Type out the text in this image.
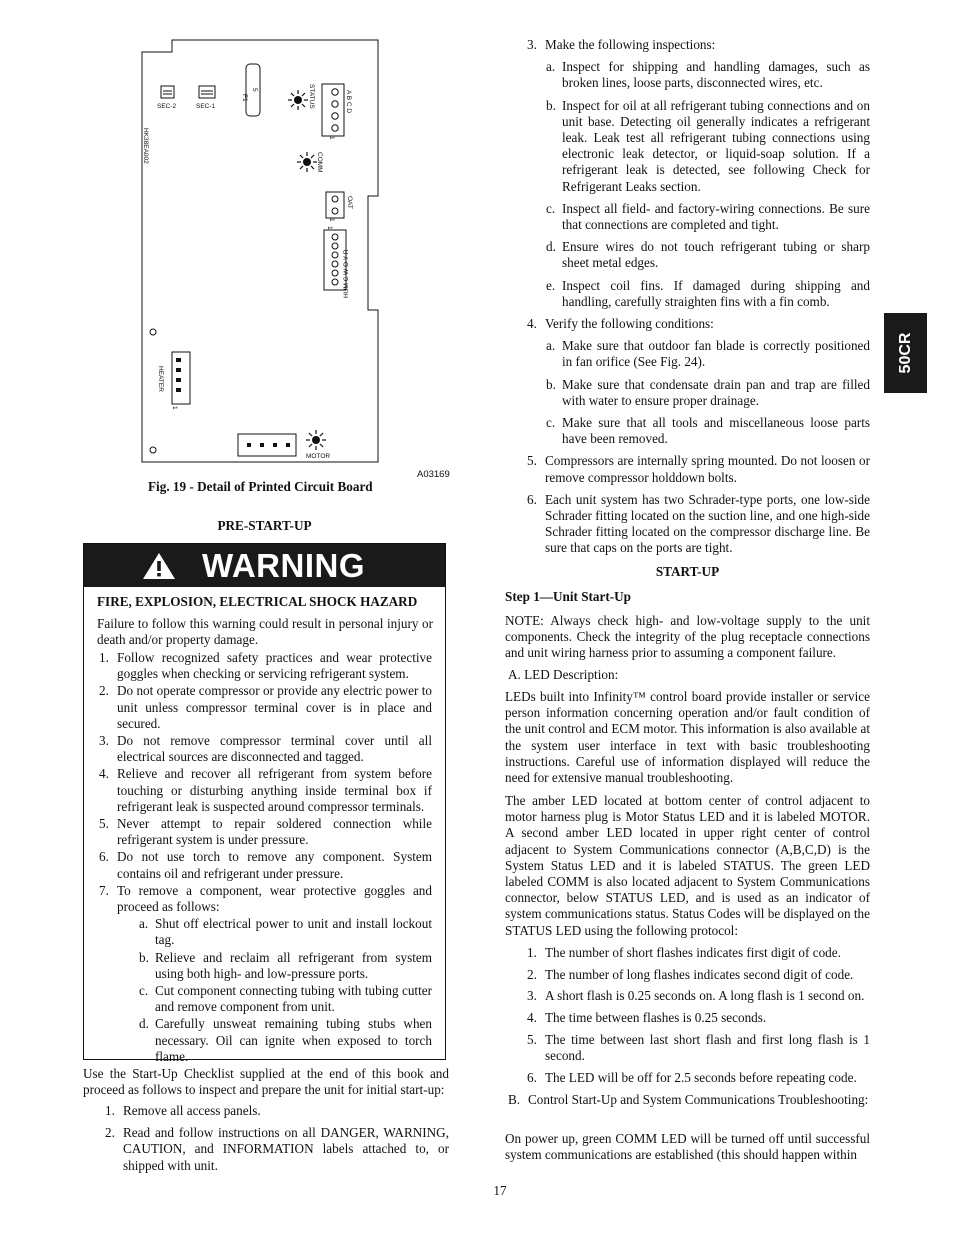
SEC-2	SEC-1
F1
5
HK38EA002
STATUS	A B C D
1
COMM
OAT
1
HUM C W O Y R
1
HEATER
1
MOTOR
A03169
Fig. 19 - Detail of Printed Circuit Board
PRE-START-UP
WARNING
FIRE, EXPLOSION, ELECTRICAL SHOCK HAZARD

Failure to follow this warning could result in personal injury or death and/or property damage.

1. Follow recognized safety practices and wear protective goggles when checking or servicing refrigerant system.
2. Do not operate compressor or provide any electric power to unit unless compressor terminal cover is in place and secured.
3. Do not remove compressor terminal cover until all electrical sources are disconnected and tagged.
4. Relieve and recover all refrigerant from system before touching or disturbing anything inside terminal box if refrigerant leak is suspected around compressor terminals.
5. Never attempt to repair soldered connection while refrigerant system is under pressure.
6. Do not use torch to remove any component. System contains oil and refrigerant under pressure.
7. To remove a component, wear protective goggles and proceed as follows:
a. Shut off electrical power to unit and install lockout tag.
b. Relieve and reclaim all refrigerant from system using both high- and low-pressure ports.
c. Cut component connecting tubing with tubing cutter and remove component from unit.
d. Carefully unsweat remaining tubing stubs when necessary. Oil can ignite when exposed to torch flame.

Use the Start-Up Checklist supplied at the end of this book and proceed as follows to inspect and prepare the unit for initial start-up:

1. Remove all access panels.
2. Read and follow instructions on all DANGER, WARNING, CAUTION, and INFORMATION labels attached to, or shipped with unit.
3. Make the following inspections:
a. Inspect for shipping and handling damages, such as broken lines, loose parts, disconnected wires, etc.
b. Inspect for oil at all refrigerant tubing connections and on unit base. Detecting oil generally indicates a refrigerant leak. Leak test all refrigerant tubing connections using electronic leak detector, or liquid-soap solution. If a refrigerant leak is detected, see following Check for Refrigerant Leaks section.
c. Inspect all field- and factory-wiring connections. Be sure that connections are completed and tight.
d. Ensure wires do not touch refrigerant tubing or sharp sheet metal edges.
e. Inspect coil fins. If damaged during shipping and handling, carefully straighten fins with a fin comb.
4. Verify the following conditions:
a. Make sure that outdoor fan blade is correctly positioned in fan orifice (See Fig. 24).
b. Make sure that condensate drain pan and trap are filled with water to ensure proper drainage.
c. Make sure that all tools and miscellaneous loose parts have been removed.
5. Compressors are internally spring mounted. Do not loosen or remove compressor holddown bolts.
6. Each unit system has two Schrader-type ports, one low-side Schrader fitting located on the suction line, and one high-side Schrader fitting located on the compressor discharge line. Be sure that caps on the ports are tight.
START-UP
Step 1—Unit Start-Up

NOTE: Always check high- and low-voltage supply to the unit components. Check the integrity of the plug receptacle connections and unit wiring harness prior to assuming a component failure.

A. LED Description:

LEDs built into Infinity™ control board provide installer or service person information concerning operation and/or fault condition of the unit control and ECM motor. This information is also available at the system user interface in text with basic troubleshooting instructions. Careful use of information displayed will reduce the need for extensive manual troubleshooting.

The amber LED located at bottom center of control adjacent to motor harness plug is Motor Status LED and it is labeled MOTOR. A second amber LED located in upper right center of control adjacent to System Communications connector (A,B,C,D) is the System Status LED and it is labeled STATUS. The green LED labeled COMM is also located adjacent to System Communications connector, below STATUS LED, and is used as an indicator of system communications status. Status Codes will be displayed on the STATUS LED using the following protocol:

1. The number of short flashes indicates first digit of code.
2. The number of long flashes indicates second digit of code.
3. A short flash is 0.25 seconds on. A long flash is 1 second on.
4. The time between flashes is 0.25 seconds.
5. The time between last short flash and first long flash is 1 second.
6. The LED will be off for 2.5 seconds before repeating code.
B. Control Start-Up and System Communications Troubleshooting:

On power up, green COMM LED will be turned off until successful system communications are established (this should happen within

50CR
17
